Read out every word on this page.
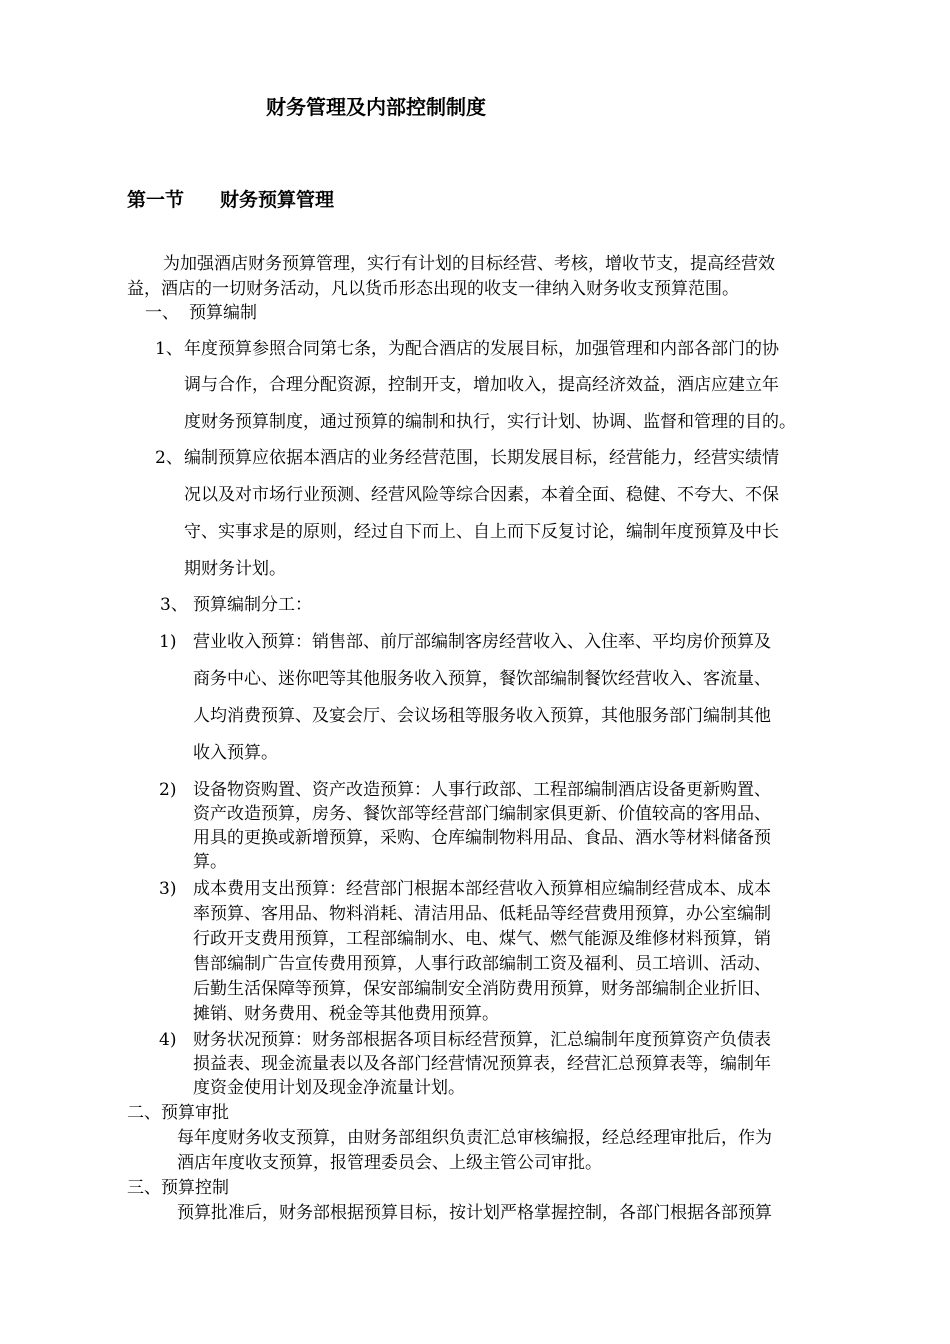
财务管理及内部控制制度
第一节 财务预算管理
为加强酒店财务预算管理，实行有计划的目标经营、考核，增收节支，提高经营效
益，酒店的一切财务活动，凡以货币形态出现的收支一律纳入财务收支预算范围。
一、 预算编制
1、 年度预算参照合同第七条，为配合酒店的发展目标，加强管理和内部各部门的协
调与合作，合理分配资源，控制开支，增加收入，提高经济效益，酒店应建立年
度财务预算制度，通过预算的编制和执行，实行计划、协调、监督和管理的目的。
2、 编制预算应依据本酒店的业务经营范围，长期发展目标，经营能力，经营实绩情
况以及对市场行业预测、经营风险等综合因素，本着全面、稳健、不夸大、不保
守、实事求是的原则，经过自下而上、自上而下反复讨论，编制年度预算及中长
期财务计划。
3、 预算编制分工：
1) 营业收入预算：销售部、前厅部编制客房经营收入、入住率、平均房价预算及
商务中心、迷你吧等其他服务收入预算，餐饮部编制餐饮经营收入、客流量、
人均消费预算、及宴会厅、会议场租等服务收入预算，其他服务部门编制其他
收入预算。
2) 设备物资购置、资产改造预算：人事行政部、工程部编制酒店设备更新购置、
资产改造预算，房务、餐饮部等经营部门编制家俱更新、价值较高的客用品、
用具的更换或新增预算，采购、仓库编制物料用品、食品、酒水等材料储备预
算。
3) 成本费用支出预算：经营部门根据本部经营收入预算相应编制经营成本、成本
率预算、客用品、物料消耗、清洁用品、低耗品等经营费用预算，办公室编制
行政开支费用预算，工程部编制水、电、煤气、燃气能源及维修材料预算，销
售部编制广告宣传费用预算，人事行政部编制工资及福利、员工培训、活动、
后勤生活保障等预算，保安部编制安全消防费用预算，财务部编制企业折旧、
摊销、财务费用、税金等其他费用预算。
4) 财务状况预算：财务部根据各项目标经营预算，汇总编制年度预算资产负债表
损益表、现金流量表以及各部门经营情况预算表，经营汇总预算表等，编制年
度资金使用计划及现金净流量计划。
二、预算审批
每年度财务收支预算，由财务部组织负责汇总审核编报，经总经理审批后，作为
酒店年度收支预算，报管理委员会、上级主管公司审批。
三、预算控制
预算批准后，财务部根据预算目标，按计划严格掌握控制，各部门根据各部预算
